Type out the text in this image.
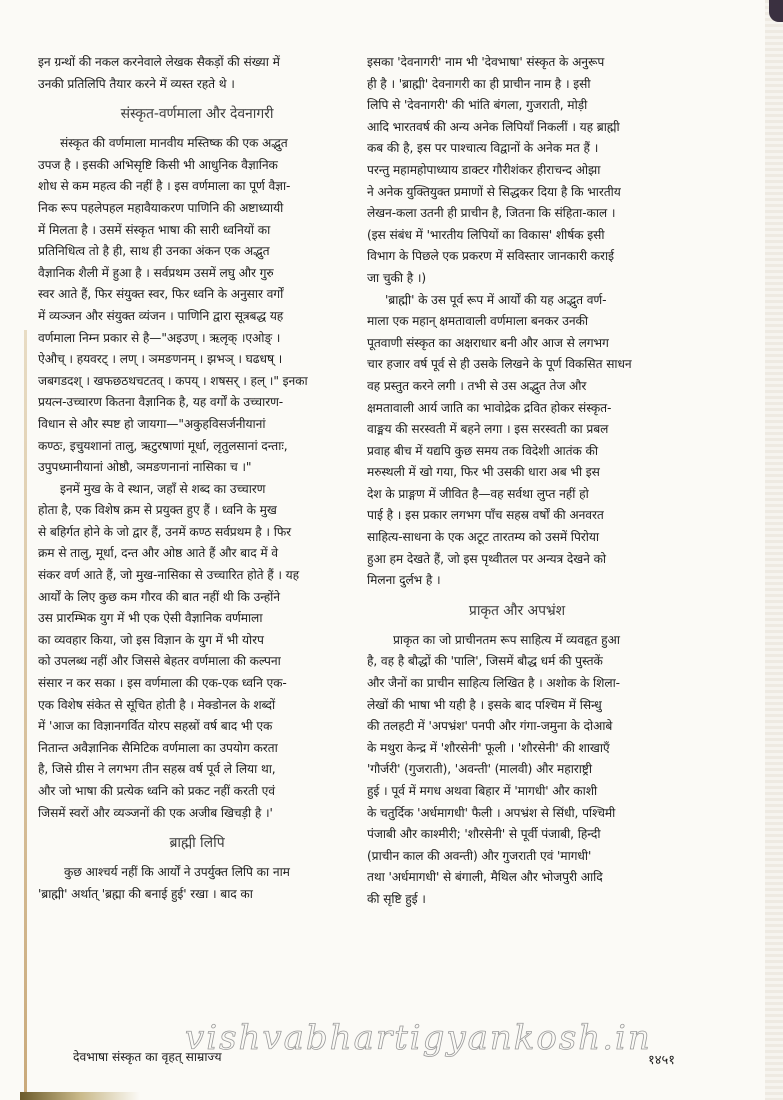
इन ग्रन्थों की नकल करनेवाले लेखक सैकड़ों की संख्या में
उनकी प्रतिलिपि तैयार करने में व्यस्त रहते थे ।
संस्कृत-वर्णमाला और देवनागरी
संस्कृत की वर्णमाला मानवीय मस्तिष्क की एक अद्भुत
उपज है । इसकी अभिसृष्टि किसी भी आधुनिक वैज्ञानिक
शोध से कम महत्व की नहीं है । इस वर्णमाला का पूर्ण वैज्ञा-
निक रूप पहलेपहल महावैयाकरण पाणिनि की अष्टाध्यायी
में मिलता है । उसमें संस्कृत भाषा की सारी ध्वनियों का
प्रतिनिधित्व तो है ही, साथ ही उनका अंकन एक अद्भुत
वैज्ञानिक शैली में हुआ है । सर्वप्रथम उसमें लघु और गुरु
स्वर आते हैं, फिर संयुक्त स्वर, फिर ध्वनि के अनुसार वर्गों
में व्यञ्जन और संयुक्त व्यंजन । पाणिनि द्वारा सूत्रबद्ध यह
वर्णमाला निम्न प्रकार से है—"अइउण् । ऋलृक् ।एओङ् ।
ऐऔच् । हयवरट् । लण् । ञमङणनम् । झभञ् । घढधष् ।
जबगडदश् । खफछठथचटतव् । कपय् । शषसर् । हल् ।" इनका
प्रयत्न-उच्चारण कितना वैज्ञानिक है, यह वर्गों के उच्चारण-
विधान से और स्पष्ट हो जायगा—"अकुहविसर्जनीयानां
कण्ठः, इचुयशानां तालु, ऋटुरषाणां मूर्धा, लृतुलसानां दन्ताः,
उपुपध्मानीयानां ओष्ठौ, ञमङणनानां नासिका च ।"
इनमें मुख के वे स्थान, जहाँ से शब्द का उच्चारण
होता है, एक विशेष क्रम से प्रयुक्त हुए हैं । ध्वनि के मुख
से बहिर्गत होने के जो द्वार हैं, उनमें कण्ठ सर्वप्रथम है । फिर
क्रम से तालु, मूर्धा, दन्त और ओष्ठ आते हैं और बाद में वे
संकर वर्ण आते हैं, जो मुख-नासिका से उच्चारित होते हैं । यह
आर्यों के लिए कुछ कम गौरव की बात नहीं थी कि उन्होंने
उस प्रारम्भिक युग में भी एक ऐसी वैज्ञानिक वर्णमाला
का व्यवहार किया, जो इस विज्ञान के युग में भी योरप
को उपलब्ध नहीं और जिससे बेहतर वर्णमाला की कल्पना
संसार न कर सका । इस वर्णमाला की एक-एक ध्वनि एक-
एक विशेष संकेत से सूचित होती है । मेक्डोनल के शब्दों
में 'आज का विज्ञानगर्वित योरप सहस्रों वर्ष बाद भी एक
नितान्त अवैज्ञानिक सैमिटिक वर्णमाला का उपयोग करता
है, जिसे ग्रीस ने लगभग तीन सहस्र वर्ष पूर्व ले लिया था,
और जो भाषा की प्रत्येक ध्वनि को प्रकट नहीं करती एवं
जिसमें स्वरों और व्यञ्जनों की एक अजीब खिचड़ी है ।'
ब्राह्मी लिपि
कुछ आश्चर्य नहीं कि आर्यों ने उपर्युक्त लिपि का नाम
'ब्राह्मी' अर्थात् 'ब्रह्मा की बनाई हुई' रखा । बाद का
इसका 'देवनागरी' नाम भी 'देवभाषा' संस्कृत के अनुरूप
ही है । 'ब्राह्मी' देवनागरी का ही प्राचीन नाम है । इसी
लिपि से 'देवनागरी' की भांति बंगला, गुजराती, मोड़ी
आदि भारतवर्ष की अन्य अनेक लिपियाँ निकलीं । यह ब्राह्मी
कब की है, इस पर पाश्चात्य विद्वानों के अनेक मत हैं ।
परन्तु महामहोपाध्याय डाक्टर गौरीशंकर हीराचन्द ओझा
ने अनेक युक्तियुक्त प्रमाणों से सिद्धकर दिया है कि भारतीय
लेखन-कला उतनी ही प्राचीन है, जितना कि संहिता-काल ।
(इस संबंध में 'भारतीय लिपियों का विकास' शीर्षक इसी
विभाग के पिछले एक प्रकरण में सविस्तार जानकारी कराई
जा चुकी है ।)
'ब्राह्मी' के उस पूर्व रूप में आर्यों की यह अद्भुत वर्ण-
माला एक महान् क्षमतावाली वर्णमाला बनकर उनकी
पूतवाणी संस्कृत का अक्षराधार बनी और आज से लगभग
चार हजार वर्ष पूर्व से ही उसके लिखने के पूर्ण विकसित साधन
वह प्रस्तुत करने लगी । तभी से उस अद्भुत तेज और
क्षमतावाली आर्य जाति का भावोद्रेक द्रवित होकर संस्कृत-
वाङ्मय की सरस्वती में बहने लगा । इस सरस्वती का प्रबल
प्रवाह बीच में यद्यपि कुछ समय तक विदेशी आतंक की
मरुस्थली में खो गया, फिर भी उसकी धारा अब भी इस
देश के प्राङ्गण में जीवित है—वह सर्वथा लुप्त नहीं हो
पाई है । इस प्रकार लगभग पाँच सहस्र वर्षों की अनवरत
साहित्य-साधना के एक अटूट तारतम्य को उसमें पिरोया
हुआ हम देखते हैं, जो इस पृथ्वीतल पर अन्यत्र देखने को
मिलना दुर्लभ है ।
प्राकृत और अपभ्रंश
प्राकृत का जो प्राचीनतम रूप साहित्य में व्यवहृत हुआ
है, वह है बौद्धों की 'पालि', जिसमें बौद्ध धर्म की पुस्तकें
और जैनों का प्राचीन साहित्य लिखित है । अशोक के शिला-
लेखों की भाषा भी यही है । इसके बाद पश्चिम में सिन्धु
की तलहटी में 'अपभ्रंश' पनपी और गंगा-जमुना के दोआबे
के मथुरा केन्द्र में 'शौरसेनी' फूली । 'शौरसेनी' की शाखाएँ
'गौर्जरी' (गुजराती), 'अवन्ती' (मालवी) और महाराष्ट्री
हुई । पूर्व में मगध अथवा बिहार में 'मागधी' और काशी
के चतुर्दिक 'अर्धमागधी' फैली । अपभ्रंश से सिंधी, पश्चिमी
पंजाबी और काश्मीरी; 'शौरसेनी' से पूर्वी पंजाबी, हिन्दी
(प्राचीन काल की अवन्ती) और गुजराती एवं 'मागधी'
तथा 'अर्धमागधी' से बंगाली, मैथिल और भोजपुरी आदि
की सृष्टि हुई ।
vishvabhartigyankosh.in
देवभाषा संस्कृत का वृहत् साम्राज्य	१४५१
